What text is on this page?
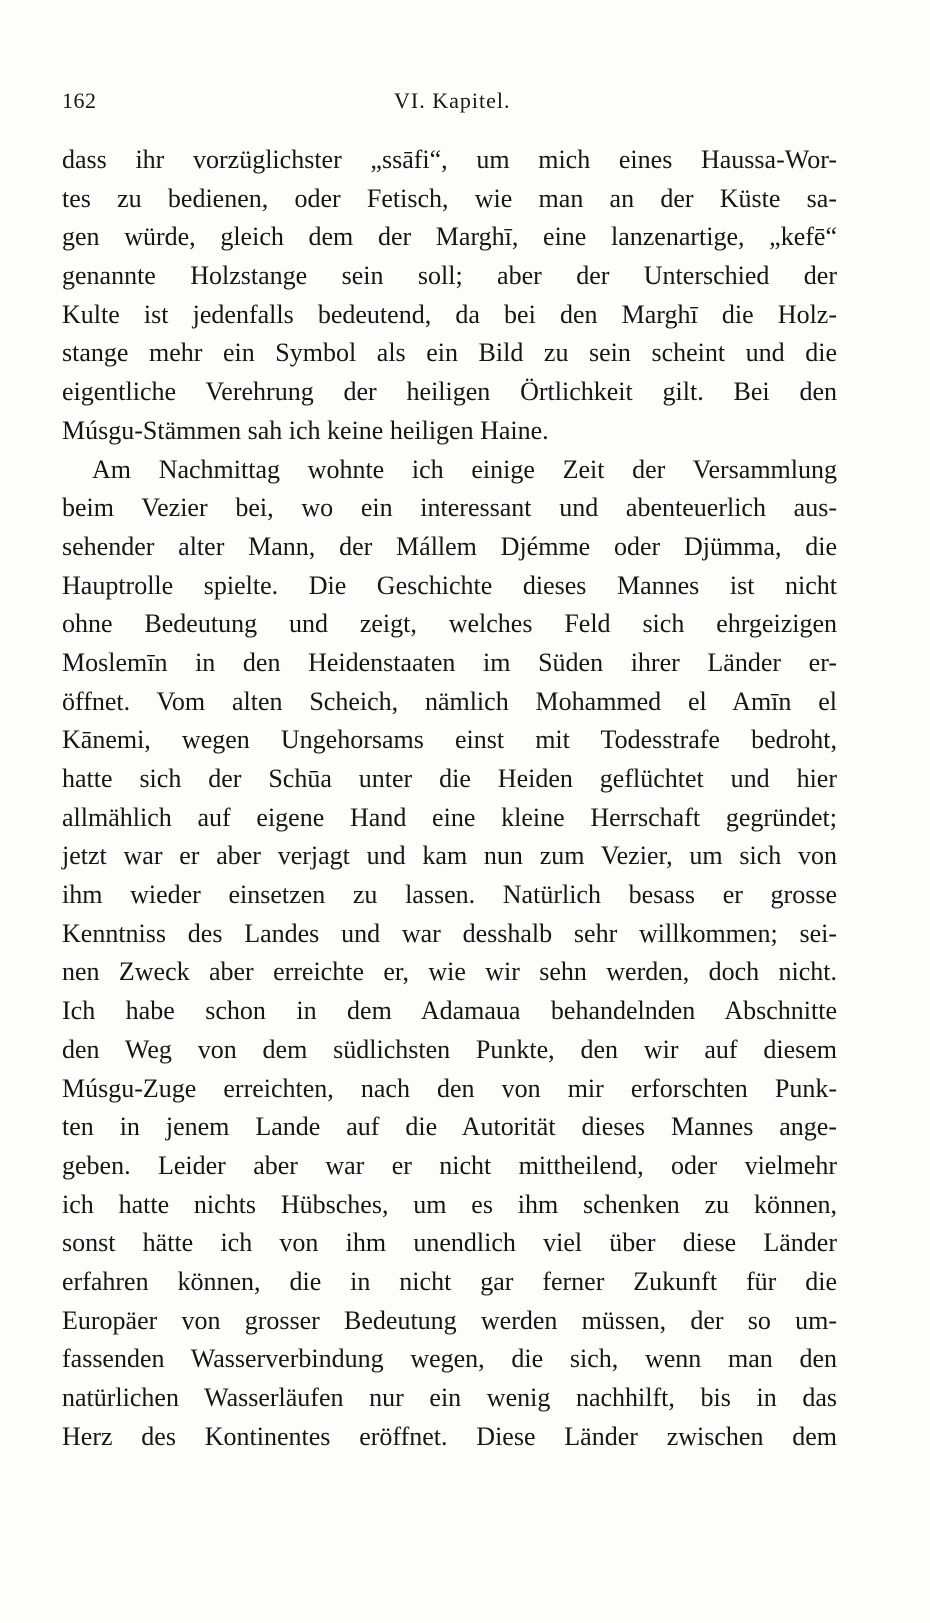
162	VI. Kapitel.
dass ihr vorzüglichster „ssāfi“, um mich eines Haussa-Wor-
tes zu bedienen, oder Fetisch, wie man an der Küste sa-
gen würde, gleich dem der Marghī, eine lanzenartige, „kefē“
genannte Holzstange sein soll; aber der Unterschied der
Kulte ist jedenfalls bedeutend, da bei den Marghī die Holz-
stange mehr ein Symbol als ein Bild zu sein scheint und die
eigentliche Verehrung der heiligen Örtlichkeit gilt. Bei den
Músgu-Stämmen sah ich keine heiligen Haine.
Am Nachmittag wohnte ich einige Zeit der Versammlung
beim Vezier bei, wo ein interessant und abenteuerlich aus-
sehender alter Mann, der Mállem Djémme oder Djümma, die
Hauptrolle spielte. Die Geschichte dieses Mannes ist nicht
ohne Bedeutung und zeigt, welches Feld sich ehrgeizigen
Moslemīn in den Heidenstaaten im Süden ihrer Länder er-
öffnet. Vom alten Scheich, nämlich Mohammed el Amīn el
Kānemi, wegen Ungehorsams einst mit Todesstrafe bedroht,
hatte sich der Schūa unter die Heiden geflüchtet und hier
allmählich auf eigene Hand eine kleine Herrschaft gegründet;
jetzt war er aber verjagt und kam nun zum Vezier, um sich von
ihm wieder einsetzen zu lassen. Natürlich besass er grosse
Kenntniss des Landes und war desshalb sehr willkommen; sei-
nen Zweck aber erreichte er, wie wir sehn werden, doch nicht.
Ich habe schon in dem Adamaua behandelnden Abschnitte
den Weg von dem südlichsten Punkte, den wir auf diesem
Músgu-Zuge erreichten, nach den von mir erforschten Punk-
ten in jenem Lande auf die Autorität dieses Mannes ange-
geben. Leider aber war er nicht mittheilend, oder vielmehr
ich hatte nichts Hübsches, um es ihm schenken zu können,
sonst hätte ich von ihm unendlich viel über diese Länder
erfahren können, die in nicht gar ferner Zukunft für die
Europäer von grosser Bedeutung werden müssen, der so um-
fassenden Wasserverbindung wegen, die sich, wenn man den
natürlichen Wasserläufen nur ein wenig nachhilft, bis in das
Herz des Kontinentes eröffnet. Diese Länder zwischen dem
